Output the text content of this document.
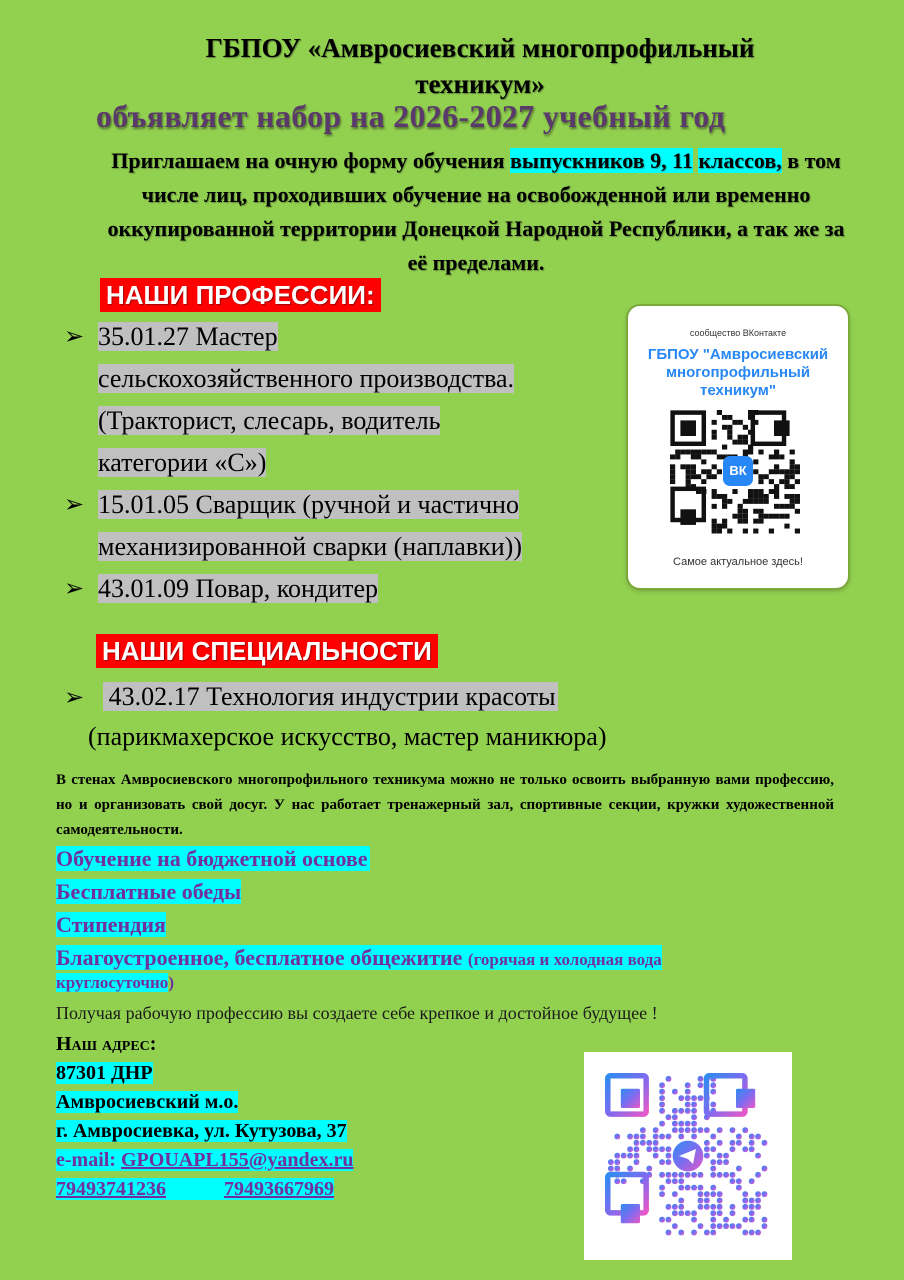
ГБПОУ «Амвросиевский многопрофильный
техникум»
объявляет набор на 2026-2027 учебный год
Приглашаем на очную форму обучения выпускников 9, 11 классов, в том числе лиц, проходивших обучение на освобожденной или временно оккупированной территории Донецкой Народной Республики, а так же за её пределами.
НАШИ ПРОФЕССИИ:
➢ 35.01.27 Мастер
сельскохозяйственного производства.
(Тракторист, слесарь, водитель
категории «С»)
➢ 15.01.05 Сварщик (ручной и частично
механизированной сварки (наплавки))
➢ 43.01.09 Повар, кондитер
НАШИ СПЕЦИАЛЬНОСТИ
➢ 43.02.17 Технология индустрии красоты
(парикмахерское искусство, мастер маникюра)
В стенах Амвросиевского многопрофильного техникума можно не только освоить выбранную вами профессию, но и организовать свой досуг. У нас работает тренажерный зал, спортивные секции, кружки художественной самодеятельности.
Обучение на бюджетной основе
Бесплатные обеды
Стипендия
Благоустроенное, бесплатное общежитие (горячая и холодная вода
круглосуточно)
Получая рабочую профессию вы создаете себе крепкое и достойное будущее !
Наш адрес:
87301 ДНР
Амвросиевский м.о.
г. Амвросиевка, ул. Кутузова, 37
e-mail: GPOUAPL155@yandex.ru
79493741236	79493667969
сообщество ВКонтакте
ГБПОУ "Амвросиевский многопрофильный техникум"
ВК
Самое актуальное здесь!
